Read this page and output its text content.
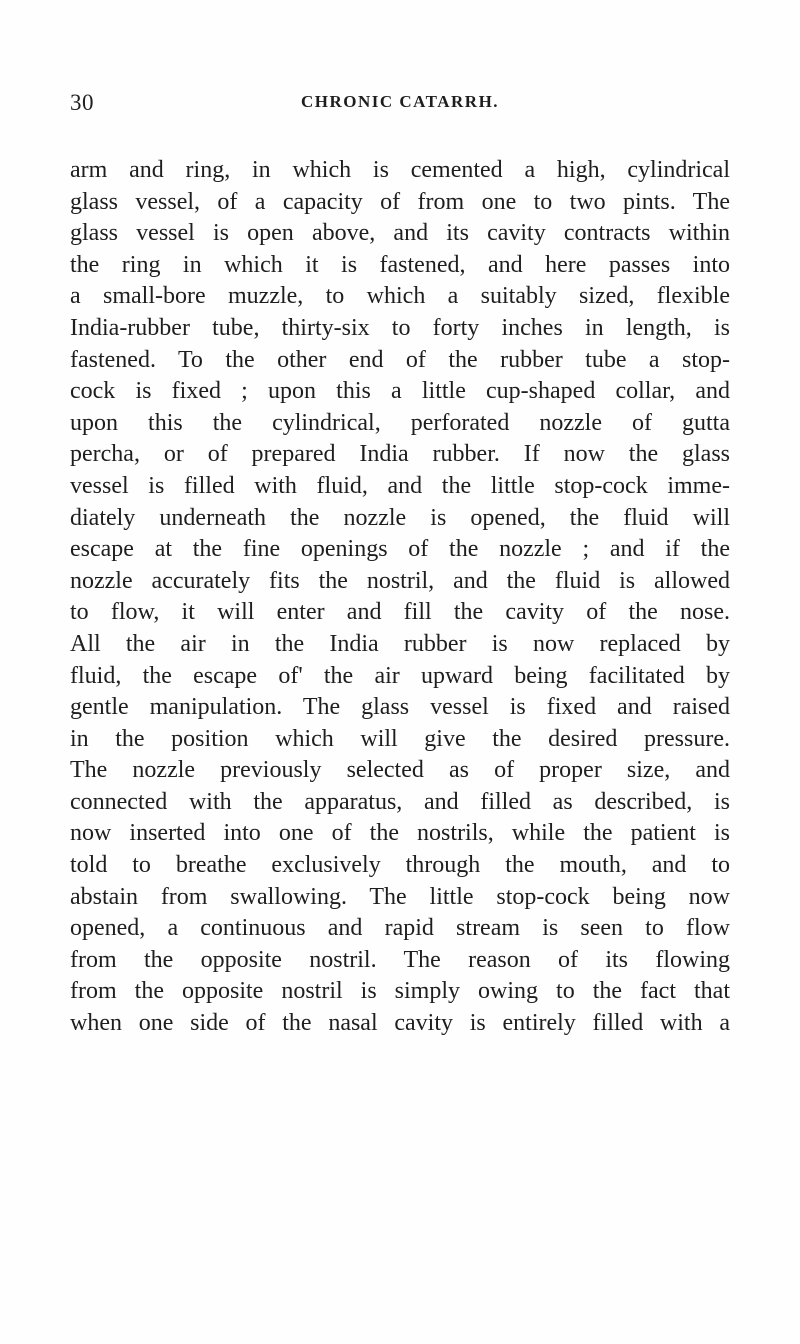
30	CHRONIC CATARRH.
arm and ring, in which is cemented a high, cylindrical
glass vessel, of a capacity of from one to two pints. The
glass vessel is open above, and its cavity contracts within
the ring in which it is fastened, and here passes into
a small-bore muzzle, to which a suitably sized, flexible
India-rubber tube, thirty-six to forty inches in length, is
fastened. To the other end of the rubber tube a stop-
cock is fixed ; upon this a little cup-shaped collar, and
upon this the cylindrical, perforated nozzle of gutta
percha, or of prepared India rubber. If now the glass
vessel is filled with fluid, and the little stop-cock imme-
diately underneath the nozzle is opened, the fluid will
escape at the fine openings of the nozzle ; and if the
nozzle accurately fits the nostril, and the fluid is allowed
to flow, it will enter and fill the cavity of the nose.
All the air in the India rubber is now replaced by
fluid, the escape of' the air upward being facilitated by
gentle manipulation. The glass vessel is fixed and raised
in the position which will give the desired pressure.
The nozzle previously selected as of proper size, and
connected with the apparatus, and filled as described, is
now inserted into one of the nostrils, while the patient is
told to breathe exclusively through the mouth, and to
abstain from swallowing. The little stop-cock being now
opened, a continuous and rapid stream is seen to flow
from the opposite nostril. The reason of its flowing
from the opposite nostril is simply owing to the fact that
when one side of the nasal cavity is entirely filled with a
